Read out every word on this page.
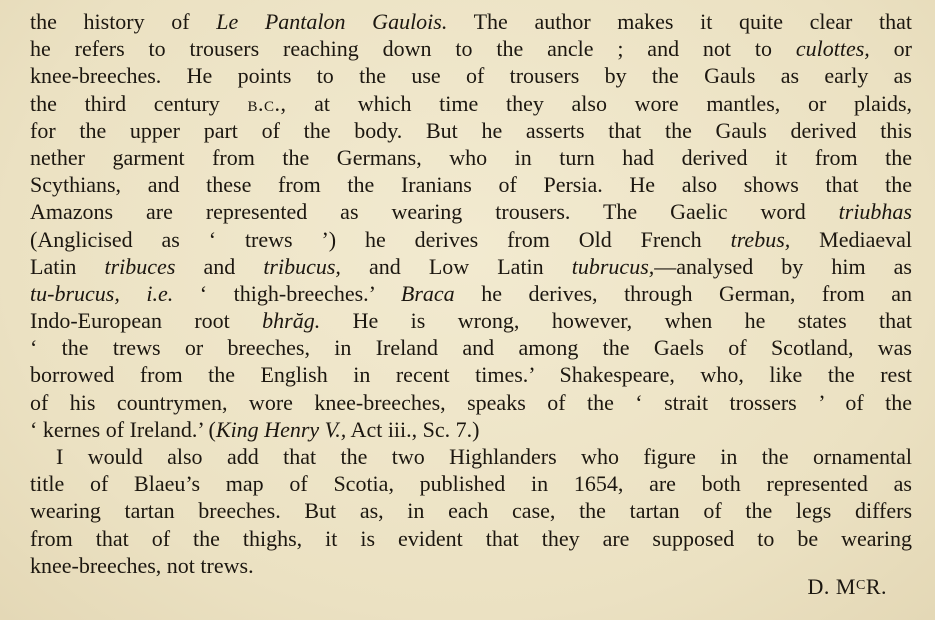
the history of Le Pantalon Gaulois. The author makes it quite clear that
he refers to trousers reaching down to the ancle ; and not to culottes, or
knee-breeches. He points to the use of trousers by the Gauls as early as
the third century b.c., at which time they also wore mantles, or plaids,
for the upper part of the body. But he asserts that the Gauls derived this
nether garment from the Germans, who in turn had derived it from the
Scythians, and these from the Iranians of Persia. He also shows that the
Amazons are represented as wearing trousers. The Gaelic word triubhas
(Anglicised as ‘ trews ’) he derives from Old French trebus, Mediaeval
Latin tribuces and tribucus, and Low Latin tubrucus,—analysed by him as
tu-brucus, i.e. ‘ thigh-breeches.’ Braca he derives, through German, from an
Indo-European root bhrăg. He is wrong, however, when he states that
‘ the trews or breeches, in Ireland and among the Gaels of Scotland, was
borrowed from the English in recent times.’ Shakespeare, who, like the rest
of his countrymen, wore knee-breeches, speaks of the ‘ strait trossers ’ of the
‘ kernes of Ireland.’ (King Henry V., Act iii., Sc. 7.)
I would also add that the two Highlanders who figure in the ornamental
title of Blaeu’s map of Scotia, published in 1654, are both represented as
wearing tartan breeches. But as, in each case, the tartan of the legs differs
from that of the thighs, it is evident that they are supposed to be wearing
knee-breeches, not trews.
D. $M^CR$.
